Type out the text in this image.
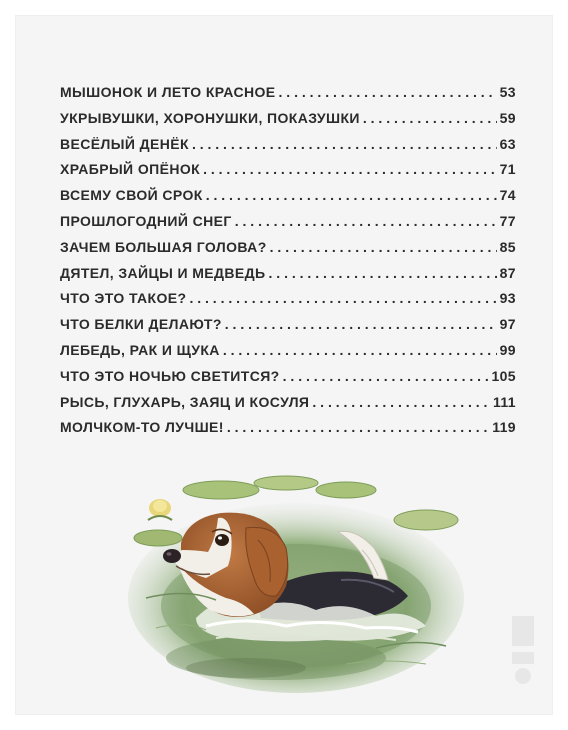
МЫШОНОК И ЛЕТО КРАСНОЕ . . .	53
УКРЫВУШКИ, ХОРОНУШКИ, ПОКАЗУШКИ . . .	59
ВЕСЁЛЫЙ ДЕНЁК . . .	63
ХРАБРЫЙ ОПЁНОК . . .	71
ВСЕМУ СВОЙ СРОК . . .	74
ПРОШЛОГОДНИЙ СНЕГ . . .	77
ЗАЧЕМ БОЛЬШАЯ ГОЛОВА? . . .	85
ДЯТЕЛ, ЗАЙЦЫ И МЕДВЕДЬ . . .	87
ЧТО ЭТО ТАКОЕ? . . .	93
ЧТО БЕЛКИ ДЕЛАЮТ? . . .	97
ЛЕБЕДЬ, РАК И ЩУКА . . .	99
ЧТО ЭТО НОЧЬЮ СВЕТИТСЯ? . . .	105
РЫСЬ, ГЛУХАРЬ, ЗАЯЦ И КОСУЛЯ . . .	111
МОЛЧКОМ-ТО ЛУЧШЕ! . . .	119
